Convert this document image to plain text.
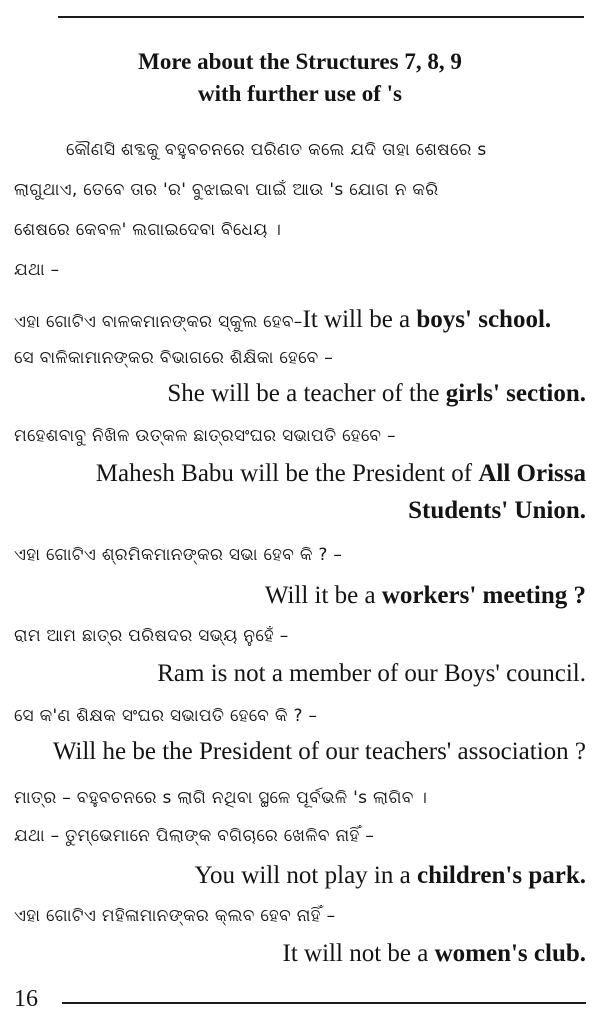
More about the Structures 7, 8, 9
with further use of 's
କୌଣସି ଶବ୍ଦକୁ ବହୁବଚନରେ ପରିଣତ କଲେ ଯଦି ତାହା ଶେଷରେ s
ଲାଗୁଥାଏ, ତେବେ ତାର 'ର' ବୁଝାଇବା ପାଇଁ ଆଉ 's ଯୋଗ ନ କରି
ଶେଷରେ କେବଳ' ଲଗାଇଦେବା ବିଧେୟ ।
ଯଥା –
ଏହା ଗୋଟିଏ ବାଳକମାନଙ୍କର ସ୍କୁଲ ହେବ–It will be a boys' school.
ସେ ବାଳିକାମାନଙ୍କର ବିଭାଗରେ ଶିକ୍ଷିକା ହେବେ –
She will be a teacher of the girls' section.
ମହେଶବାବୁ ନିଖିଳ ଉତ୍କଳ ଛାତ୍ରସଂଘର ସଭାପତି ହେବେ –
Mahesh Babu will be the President of All Orissa
Students' Union.
ଏହା ଗୋଟିଏ ଶ୍ରମିକମାନଙ୍କର ସଭା ହେବ କି ? –
Will it be a workers' meeting ?
ରାମ ଆମ ଛାତ୍ର ପରିଷଦର ସଭ୍ୟ ନୁହେଁ –
Ram is not a member of our Boys' council.
ସେ କ'ଣ ଶିକ୍ଷକ ସଂଘର ସଭାପତି ହେବେ କି ? –
Will he be the President of our teachers' association ?
ମାତ୍ର – ବହୁବଚନରେ s ଲାଗି ନଥିବା ସ୍ଥଳେ ପୂର୍ବଭଳି 's ଲାଗିବ ।
ଯଥା – ତୁମ୍ଭେମାନେ ପିଲାଙ୍କ ବଗିଚାରେ ଖେଳିବ ନାହିଁ –
You will not play in a children's park.
ଏହା ଗୋଟିଏ ମହିଳାମାନଙ୍କର କ୍ଲବ ହେବ ନାହିଁ –
It will not be a women's club.
16
